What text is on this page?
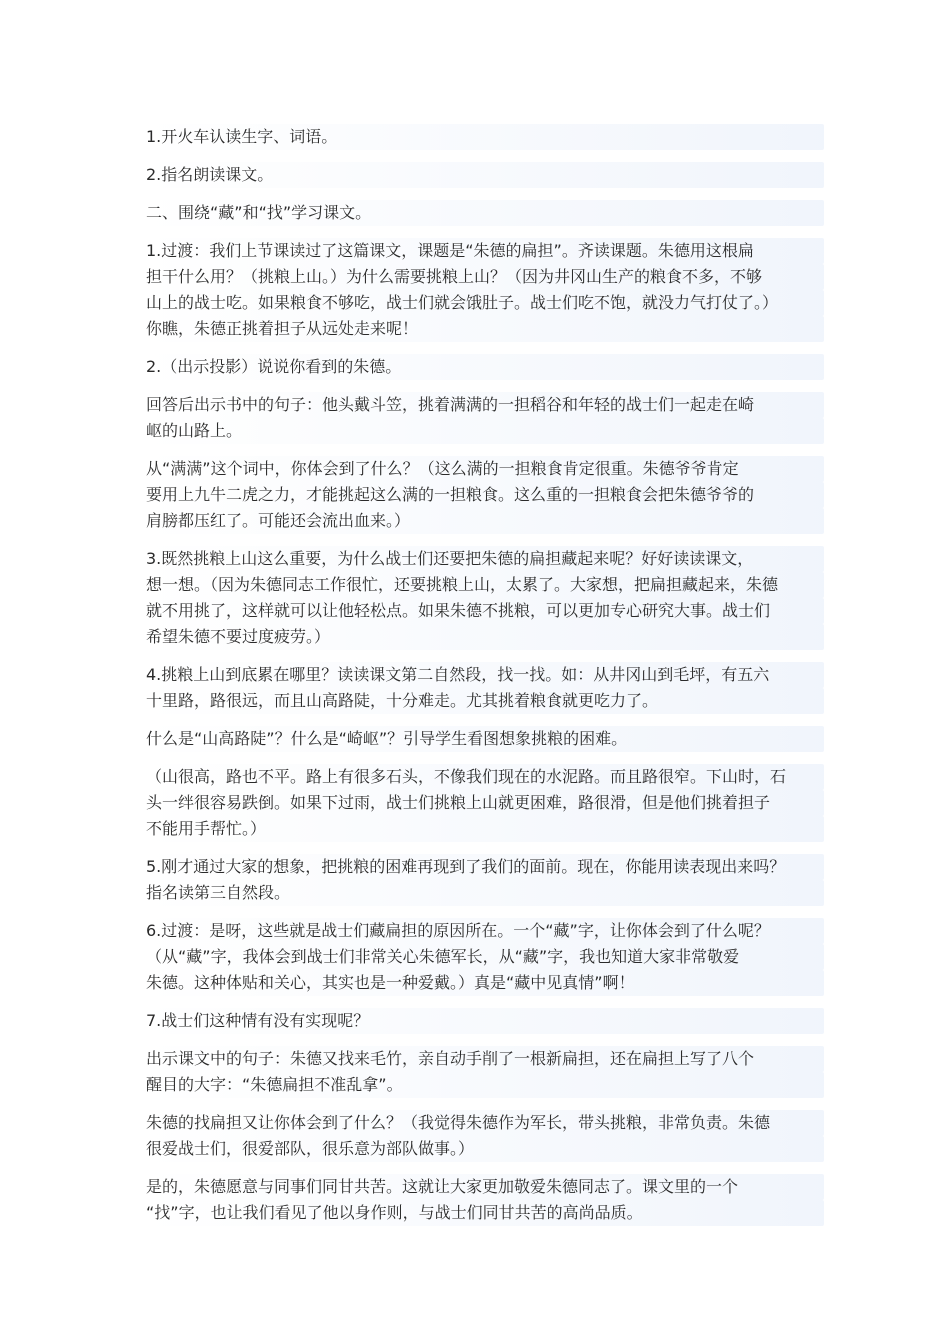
1.开火车认读生字、词语。

2.指名朗读课文。

二、围绕“藏”和“找”学习课文。

1.过渡：我们上节课读过了这篇课文，课题是“朱德的扁担”。齐读课题。朱德用这根扁
担干什么用？（挑粮上山。）为什么需要挑粮上山？（因为井冈山生产的粮食不多，不够
山上的战士吃。如果粮食不够吃，战士们就会饿肚子。战士们吃不饱，就没力气打仗了。）
你瞧，朱德正挑着担子从远处走来呢！

2.（出示投影）说说你看到的朱德。

回答后出示书中的句子：他头戴斗笠，挑着满满的一担稻谷和年轻的战士们一起走在崎
岖的山路上。

从“满满”这个词中，你体会到了什么？（这么满的一担粮食肯定很重。朱德爷爷肯定
要用上九牛二虎之力，才能挑起这么满的一担粮食。这么重的一担粮食会把朱德爷爷的
肩膀都压红了。可能还会流出血来。）

3.既然挑粮上山这么重要，为什么战士们还要把朱德的扁担藏起来呢？好好读读课文，
想一想。（因为朱德同志工作很忙，还要挑粮上山，太累了。大家想，把扁担藏起来，朱德
就不用挑了，这样就可以让他轻松点。如果朱德不挑粮，可以更加专心研究大事。战士们
希望朱德不要过度疲劳。）

4.挑粮上山到底累在哪里？读读课文第二自然段，找一找。如：从井冈山到毛坪，有五六
十里路，路很远，而且山高路陡，十分难走。尤其挑着粮食就更吃力了。

什么是“山高路陡”？什么是“崎岖”？引导学生看图想象挑粮的困难。

（山很高，路也不平。路上有很多石头，不像我们现在的水泥路。而且路很窄。下山时，石
头一绊很容易跌倒。如果下过雨，战士们挑粮上山就更困难，路很滑，但是他们挑着担子
不能用手帮忙。）

5.刚才通过大家的想象，把挑粮的困难再现到了我们的面前。现在，你能用读表现出来吗？
指名读第三自然段。

6.过渡：是呀，这些就是战士们藏扁担的原因所在。一个“藏”字，让你体会到了什么呢？
（从“藏”字，我体会到战士们非常关心朱德军长，从“藏”字，我也知道大家非常敬爱
朱德。这种体贴和关心，其实也是一种爱戴。）真是“藏中见真情”啊！

7.战士们这种情有没有实现呢？

出示课文中的句子：朱德又找来毛竹，亲自动手削了一根新扁担，还在扁担上写了八个
醒目的大字：“朱德扁担不准乱拿”。

朱德的找扁担又让你体会到了什么？（我觉得朱德作为军长，带头挑粮，非常负责。朱德
很爱战士们，很爱部队，很乐意为部队做事。）

是的，朱德愿意与同事们同甘共苦。这就让大家更加敬爱朱德同志了。课文里的一个
“找”字，也让我们看见了他以身作则，与战士们同甘共苦的高尚品质。
